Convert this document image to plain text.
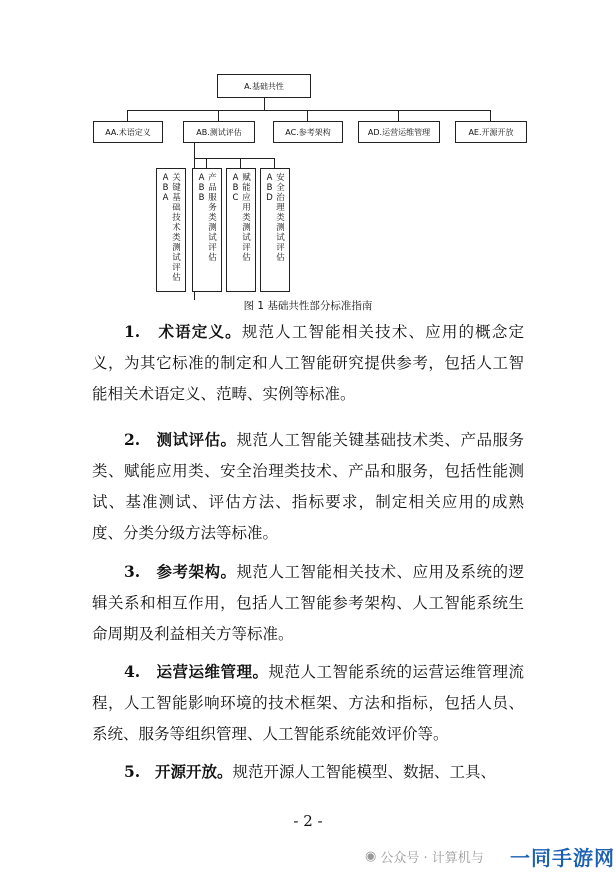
A.基础共性
AA.术语定义	AB.测试评估	AC.参考架构	AD.运营运维管理	AE.开源开放
ABA
关键基础技术类测试评估
ABB
产品服务类测试评估
ABC
赋能应用类测试评估
ABD
安全治理类测试评估
图 1 基础共性部分标准指南

1. 术语定义。规范人工智能相关技术、应用的概念定义，为其它标准的制定和人工智能研究提供参考，包括人工智能相关术语定义、范畴、实例等标准。

2. 测试评估。规范人工智能关键基础技术类、产品服务类、赋能应用类、安全治理类技术、产品和服务，包括性能测试、基准测试、评估方法、指标要求，制定相关应用的成熟度、分类分级方法等标准。

3. 参考架构。规范人工智能相关技术、应用及系统的逻辑关系和相互作用，包括人工智能参考架构、人工智能系统生命周期及利益相关方等标准。

4. 运营运维管理。规范人工智能系统的运营运维管理流程，人工智能影响环境的技术框架、方法和指标，包括人员、系统、服务等组织管理、人工智能系统能效评价等。

5. 开源开放。规范开源人工智能模型、数据、工具、

- 2 -
◉ 公众号 · 计算机与 一同手游网
